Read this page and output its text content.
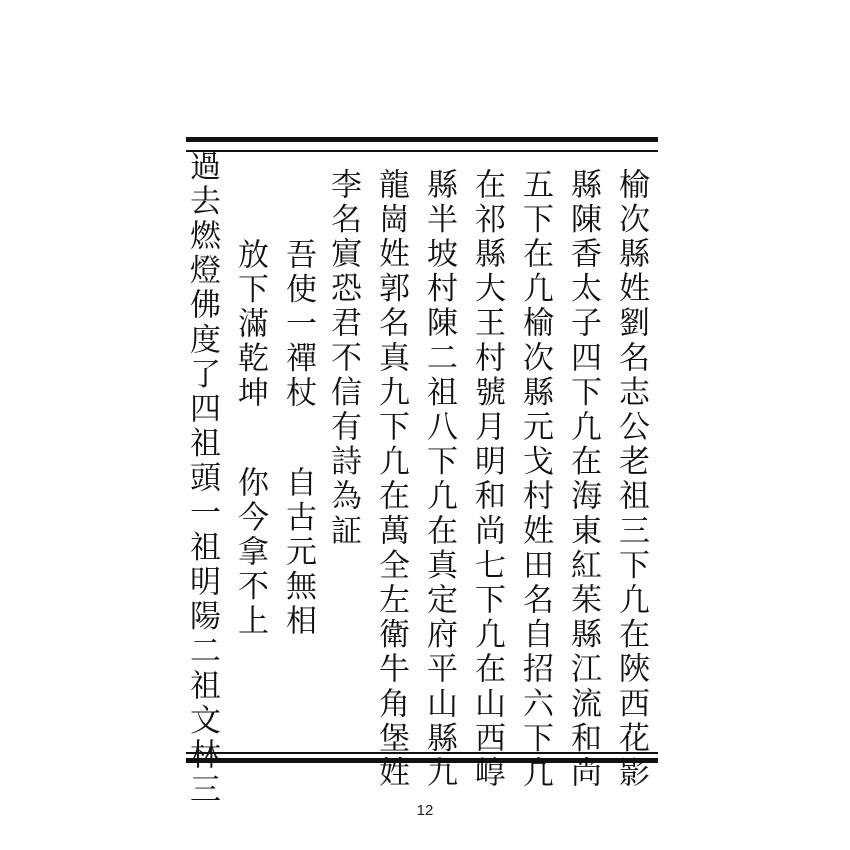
榆次縣姓劉名志公老祖三下凢在陜西花影
縣陳香太子四下凢在海東紅茱縣江流和尚
五下在凢榆次縣元戈村姓田名自招六下凢
在祁縣大王村號月明和尚七下凢在山西崞
縣半坡村陳二祖八下凢在真定府平山縣九
龍崗姓郭名真九下凢在萬全左衛牛角堡姓
李名賔恐君不信有詩為証
吾使一禪杖
自古元無相
放下滿乾坤
你今拿不上
過去燃燈佛度了四祖頭一祖明陽二祖文林三
12
